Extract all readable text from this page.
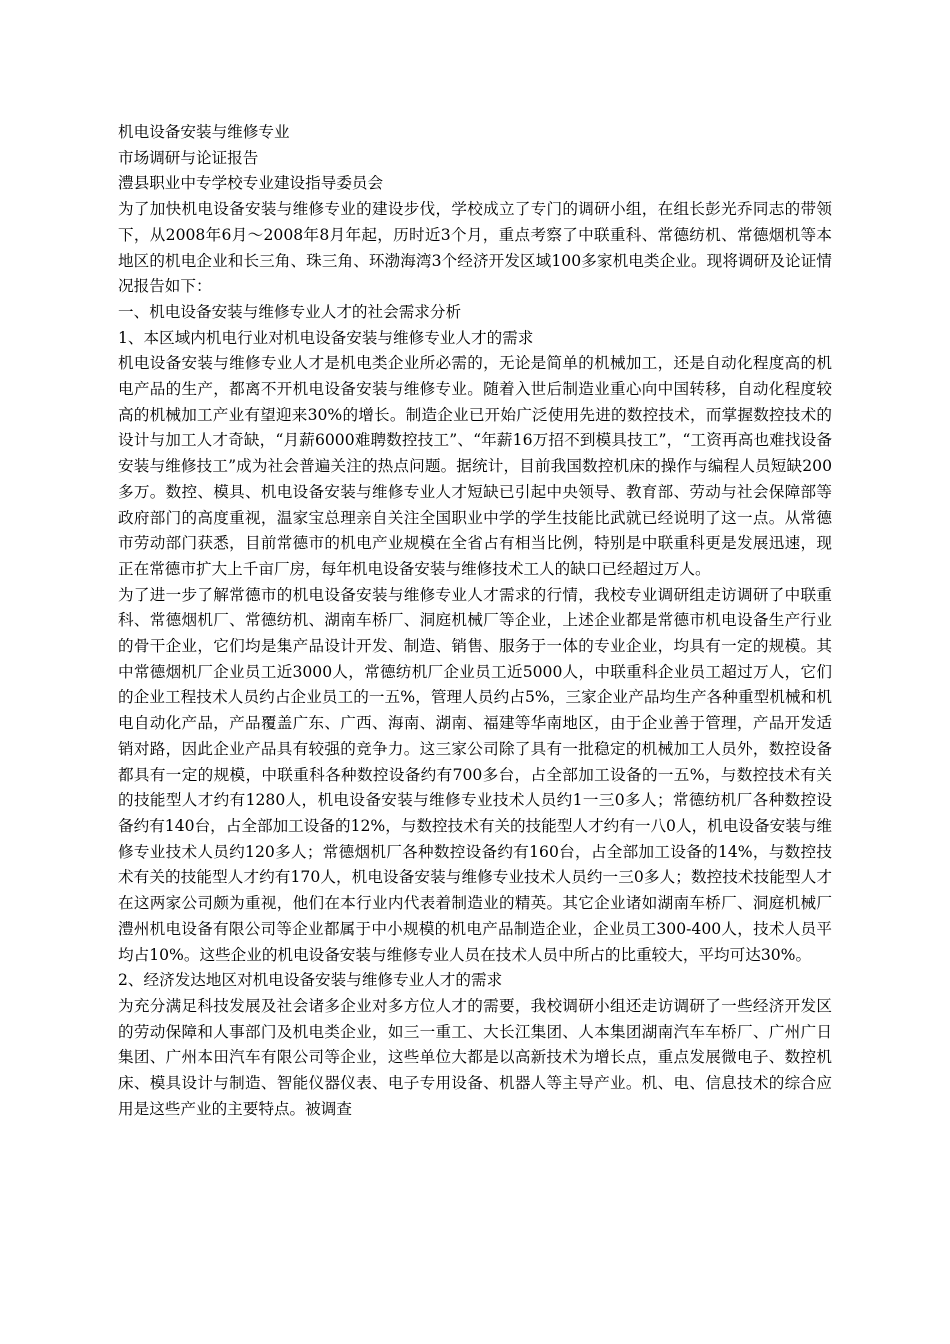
机电设备安装与维修专业

市场调研与论证报告

澧县职业中专学校专业建设指导委员会

为了加快机电设备安装与维修专业的建设步伐，学校成立了专门的调研小组，在组长彭光乔同志的带领下，从2008年6月～2008年8月年起，历时近3个月，重点考察了中联重科、常德纺机、常德烟机等本地区的机电企业和长三角、珠三角、环渤海湾3个经济开发区域100多家机电类企业。现将调研及论证情况报告如下：

一、机电设备安装与维修专业人才的社会需求分析

1、本区域内机电行业对机电设备安装与维修专业人才的需求

机电设备安装与维修专业人才是机电类企业所必需的，无论是简单的机械加工，还是自动化程度高的机电产品的生产，都离不开机电设备安装与维修专业。随着入世后制造业重心向中国转移，自动化程度较高的机械加工产业有望迎来30%的增长。制造企业已开始广泛使用先进的数控技术，而掌握数控技术的设计与加工人才奇缺，“月薪6000难聘数控技工”、“年薪16万招不到模具技工”，“工资再高也难找设备安装与维修技工”成为社会普遍关注的热点问题。据统计，目前我国数控机床的操作与编程人员短缺200多万。数控、模具、机电设备安装与维修专业人才短缺已引起中央领导、教育部、劳动与社会保障部等政府部门的高度重视，温家宝总理亲自关注全国职业中学的学生技能比武就已经说明了这一点。从常德市劳动部门获悉，目前常德市的机电产业规模在全省占有相当比例，特别是中联重科更是发展迅速，现正在常德市扩大上千亩厂房，每年机电设备安装与维修技术工人的缺口已经超过万人。

为了进一步了解常德市的机电设备安装与维修专业人才需求的行情，我校专业调研组走访调研了中联重科、常德烟机厂、常德纺机、湖南车桥厂、洞庭机械厂等企业，上述企业都是常德市机电设备生产行业的骨干企业，它们均是集产品设计开发、制造、销售、服务于一体的专业企业，均具有一定的规模。其中常德烟机厂企业员工近3000人，常德纺机厂企业员工近5000人，中联重科企业员工超过万人，它们的企业工程技术人员约占企业员工的一五%，管理人员约占5%，三家企业产品均生产各种重型机械和机电自动化产品，产品覆盖广东、广西、海南、湖南、福建等华南地区，由于企业善于管理，产品开发适销对路，因此企业产品具有较强的竞争力。这三家公司除了具有一批稳定的机械加工人员外，数控设备都具有一定的规模，中联重科各种数控设备约有700多台，占全部加工设备的一五%，与数控技术有关的技能型人才约有1280人，机电设备安装与维修专业技术人员约1一三0多人；常德纺机厂各种数控设备约有140台，占全部加工设备的12%，与数控技术有关的技能型人才约有一八0人，机电设备安装与维修专业技术人员约120多人；常德烟机厂各种数控设备约有160台，占全部加工设备的14%，与数控技术有关的技能型人才约有170人，机电设备安装与维修专业技术人员约一三0多人；数控技术技能型人才在这两家公司颇为重视，他们在本行业内代表着制造业的精英。其它企业诸如湖南车桥厂、洞庭机械厂澧州机电设备有限公司等企业都属于中小规模的机电产品制造企业，企业员工300-400人，技术人员平均占10%。这些企业的机电设备安装与维修专业人员在技术人员中所占的比重较大，平均可达30%。

2、经济发达地区对机电设备安装与维修专业人才的需求

为充分满足科技发展及社会诸多企业对多方位人才的需要，我校调研小组还走访调研了一些经济开发区的劳动保障和人事部门及机电类企业，如三一重工、大长江集团、人本集团湖南汽车车桥厂、广州广日集团、广州本田汽车有限公司等企业，这些单位大都是以高新技术为增长点，重点发展微电子、数控机床、模具设计与制造、智能仪器仪表、电子专用设备、机器人等主导产业。机、电、信息技术的综合应用是这些产业的主要特点。被调查
